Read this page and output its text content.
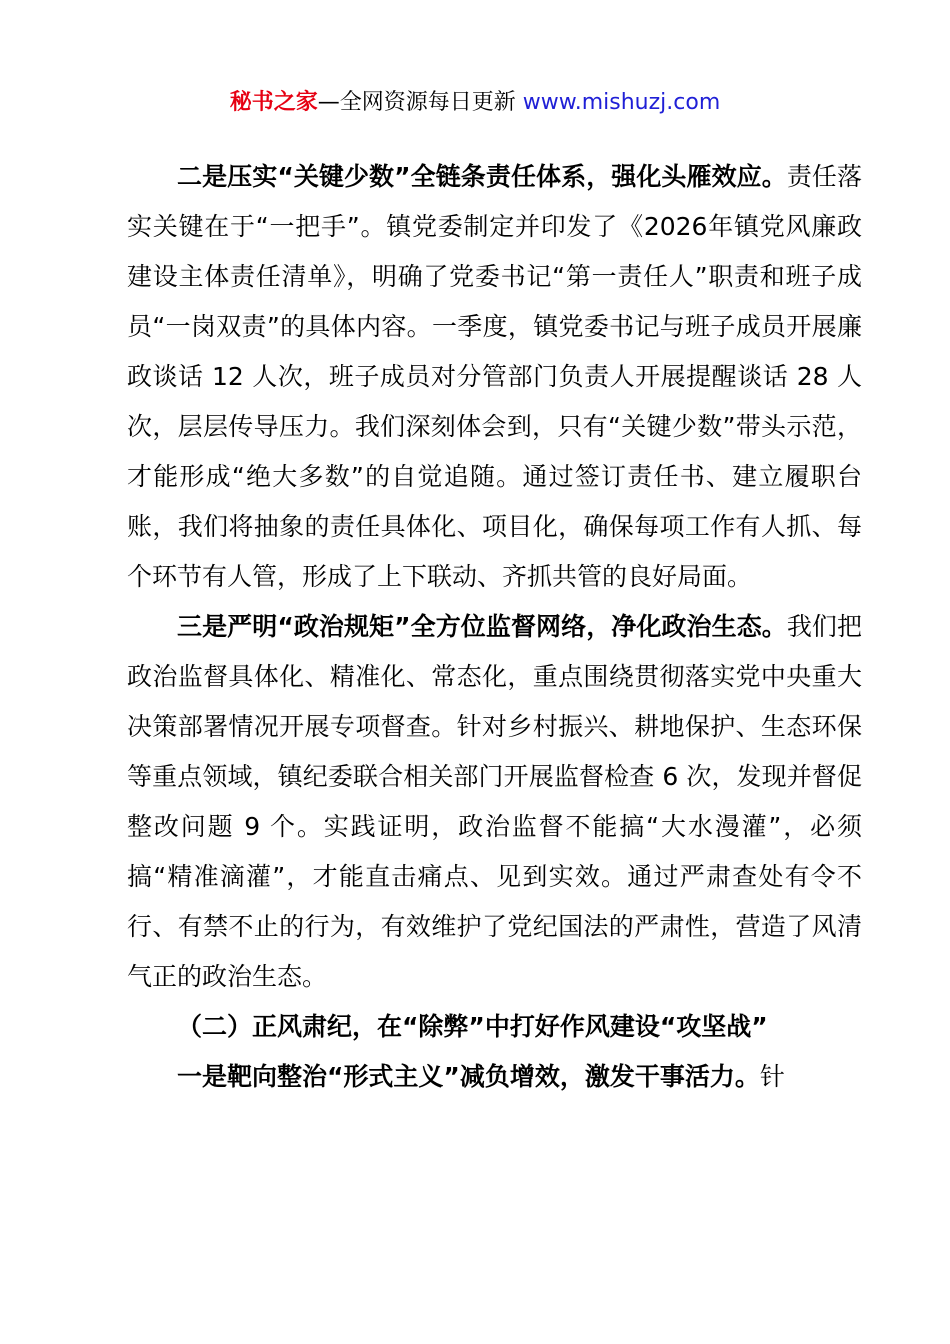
秘书之家—全网资源每日更新 www.mishuzj.com

二是压实“关键少数”全链条责任体系，强化头雁效应。责任落实关键在于“一把手”。镇党委制定并印发了《2026年镇党风廉政建设主体责任清单》，明确了党委书记“第一责任人”职责和班子成员“一岗双责”的具体内容。一季度，镇党委书记与班子成员开展廉政谈话 12 人次，班子成员对分管部门负责人开展提醒谈话 28 人次，层层传导压力。我们深刻体会到，只有“关键少数”带头示范，才能形成“绝大多数”的自觉追随。通过签订责任书、建立履职台账，我们将抽象的责任具体化、项目化，确保每项工作有人抓、每个环节有人管，形成了上下联动、齐抓共管的良好局面。

三是严明“政治规矩”全方位监督网络，净化政治生态。我们把政治监督具体化、精准化、常态化，重点围绕贯彻落实党中央重大决策部署情况开展专项督查。针对乡村振兴、耕地保护、生态环保等重点领域，镇纪委联合相关部门开展监督检查 6 次，发现并督促整改问题 9 个。实践证明，政治监督不能搞“大水漫灌”，必须搞“精准滴灌”，才能直击痛点、见到实效。通过严肃查处有令不行、有禁不止的行为，有效维护了党纪国法的严肃性，营造了风清气正的政治生态。

（二）正风肃纪，在“除弊”中打好作风建设“攻坚战”

一是靶向整治“形式主义”减负增效，激发干事活力。针
